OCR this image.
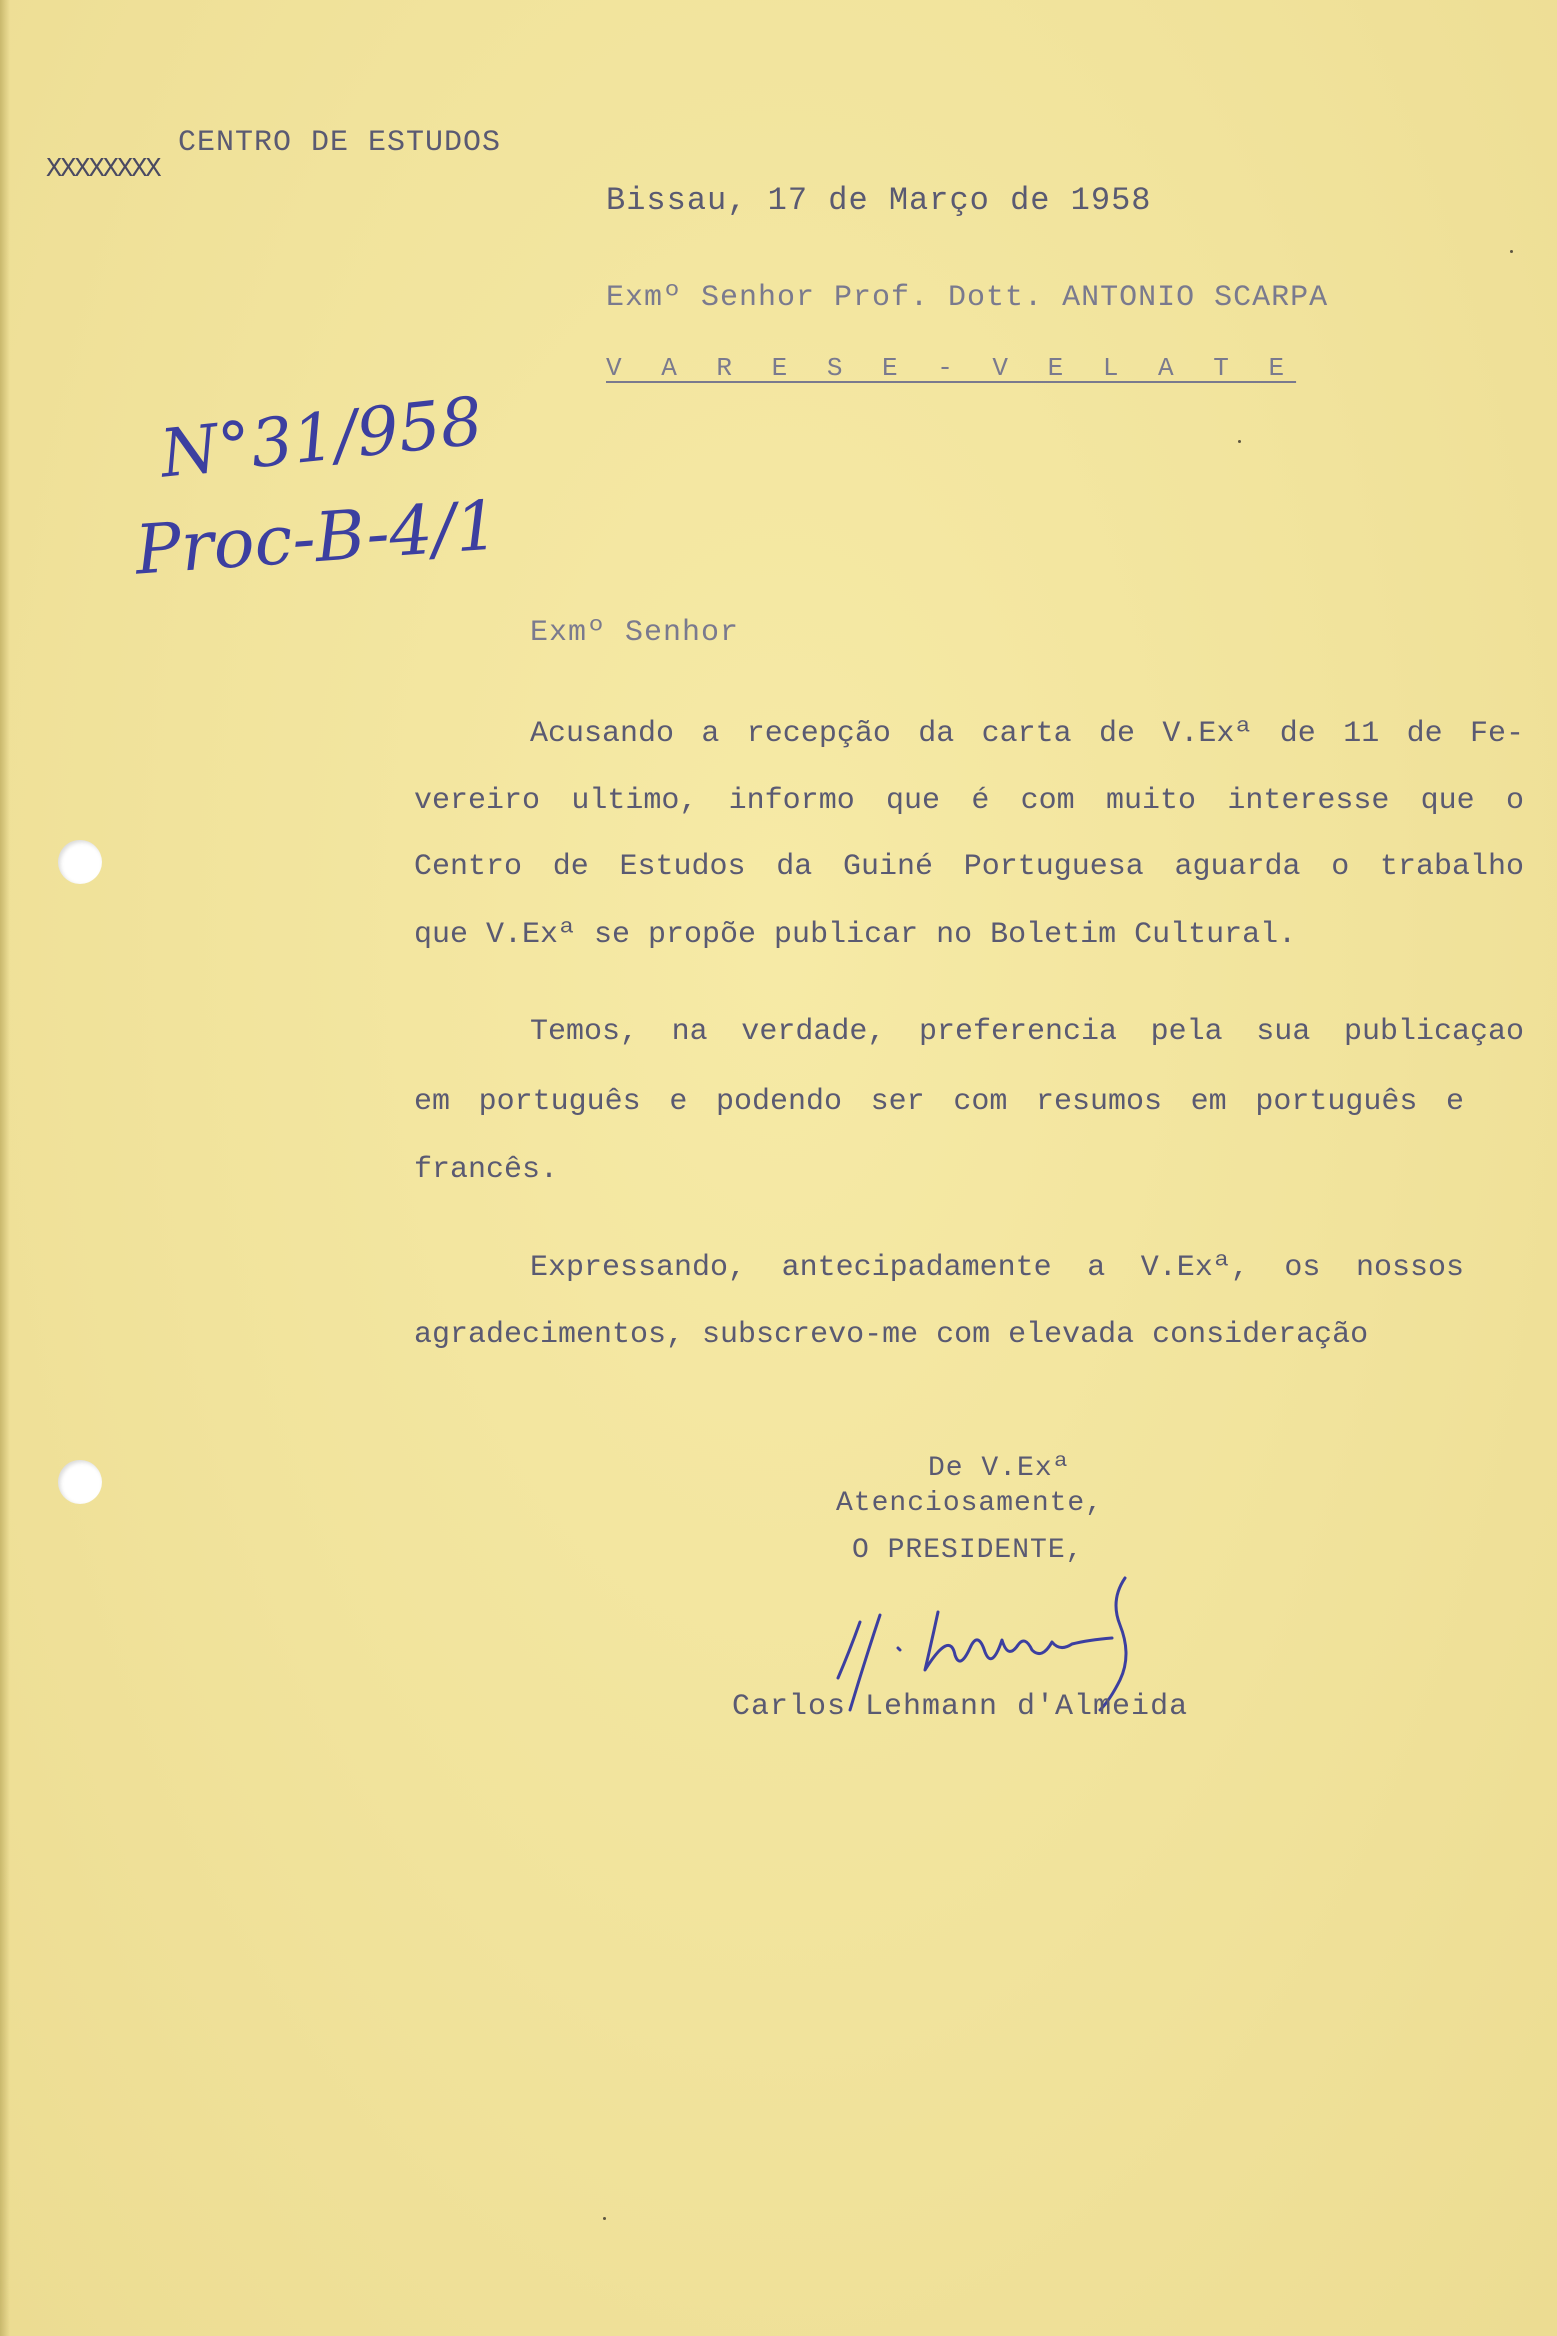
CENTRO DE ESTUDOS
XXXXXXXX
Bissau, 17 de Março de 1958
Exmº Senhor Prof. Dott. ANTONIO SCARPA
V A R E S E - V E L A T E
N°31/958
Proc-B-4/1
Exmº Senhor
Acusando a recepção da carta de V.Exª de 11 de Fe-
vereiro ultimo, informo que é com muito interesse que o
Centro de Estudos da Guiné Portuguesa aguarda o trabalho
que V.Exª se propõe publicar no Boletim Cultural.
Temos, na verdade, preferencia pela sua publicaçao
em português e podendo ser com resumos em português e
francês.
Expressando, antecipadamente a V.Exª, os nossos
agradecimentos, subscrevo-me com elevada consideração
De V.Exª
Atenciosamente,
O PRESIDENTE,
Carlos Lehmann d'Almeida
